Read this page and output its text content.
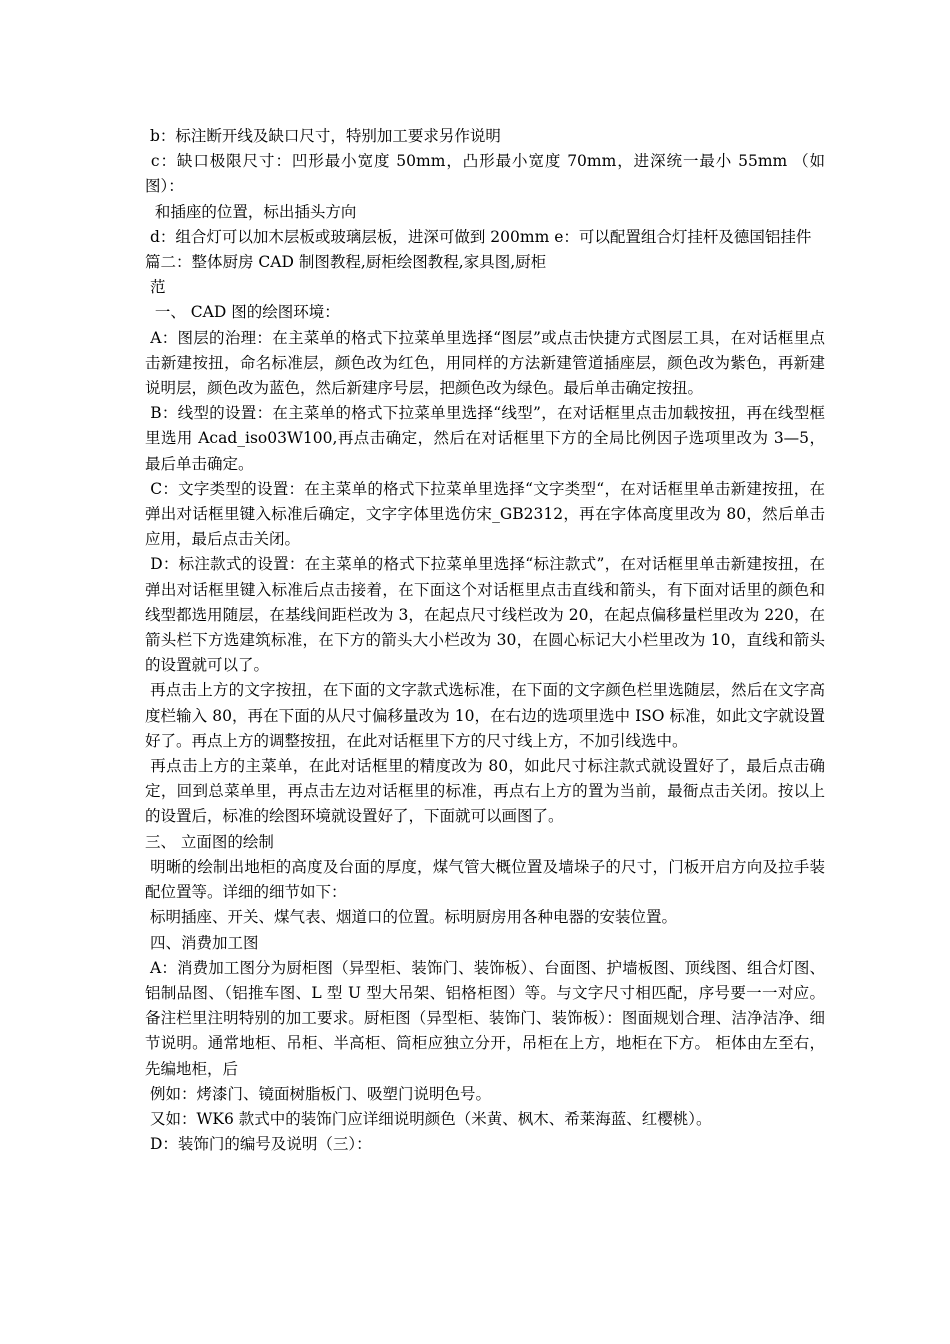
b：标注断开线及缺口尺寸，特别加工要求另作说明

c：缺口极限尺寸：凹形最小宽度 50mm，凸形最小宽度 70mm，进深统一最小 55mm （如图）：

和插座的位置，标出插头方向

d：组合灯可以加木层板或玻璃层板，进深可做到 200mm e：可以配置组合灯挂杆及德国铝挂件

篇二：整体厨房 CAD 制图教程,厨柜绘图教程,家具图,厨柜

范

一、 CAD 图的绘图环境：

A：图层的治理：在主菜单的格式下拉菜单里选择“图层”或点击快捷方式图层工具，在对话框里点击新建按扭，命名标准层，颜色改为红色，用同样的方法新建管道插座层，颜色改为紫色，再新建说明层，颜色改为蓝色，然后新建序号层，把颜色改为绿色。最后单击确定按扭。

B：线型的设置：在主菜单的格式下拉菜单里选择“线型”，在对话框里点击加载按扭，再在线型框里选用 Acad_iso03W100,再点击确定，然后在对话框里下方的全局比例因子选项里改为 3—5，最后单击确定。

C：文字类型的设置：在主菜单的格式下拉菜单里选择“文字类型“，在对话框里单击新建按扭，在弹出对话框里键入标准后确定，文字字体里选仿宋_GB2312，再在字体高度里改为 80，然后单击应用，最后点击关闭。

D：标注款式的设置：在主菜单的格式下拉菜单里选择“标注款式”，在对话框里单击新建按扭，在弹出对话框里键入标准后点击接着，在下面这个对话框里点击直线和箭头，有下面对话里的颜色和线型都选用随层，在基线间距栏改为 3，在起点尺寸线栏改为 20，在起点偏移量栏里改为 220，在箭头栏下方选建筑标准，在下方的箭头大小栏改为 30，在圆心标记大小栏里改为 10，直线和箭头的设置就可以了。

再点击上方的文字按扭，在下面的文字款式选标准，在下面的文字颜色栏里选随层，然后在文字高度栏输入 80，再在下面的从尺寸偏移量改为 10，在右边的选项里选中 ISO 标准，如此文字就设置好了。再点上方的调整按扭，在此对话框里下方的尺寸线上方，不加引线选中。

再点击上方的主菜单，在此对话框里的精度改为 80，如此尺寸标注款式就设置好了，最后点击确定，回到总菜单里，再点击左边对话框里的标准，再点右上方的置为当前，最衙点击关闭。按以上的设置后，标准的绘图环境就设置好了，下面就可以画图了。

三、 立面图的绘制

明晰的绘制出地柜的高度及台面的厚度，煤气管大概位置及墙垛子的尺寸，门板开启方向及拉手装配位置等。详细的细节如下：

标明插座、开关、煤气表、烟道口的位置。标明厨房用各种电器的安装位置。

四、消费加工图

A：消费加工图分为厨柜图（异型柜、装饰门、装饰板）、台面图、护墙板图、顶线图、组合灯图、铝制品图、（铝推车图、L 型 U 型大吊架、铝格柜图）等。与文字尺寸相匹配，序号要一一对应。备注栏里注明特别的加工要求。厨柜图（异型柜、装饰门、装饰板）：图面规划合理、洁净洁净、细节说明。通常地柜、吊柜、半高柜、筒柜应独立分开，吊柜在上方，地柜在下方。 柜体由左至右，先编地柜，后

例如：烤漆门、镜面树脂板门、吸塑门说明色号。

又如：WK6 款式中的装饰门应详细说明颜色（米黄、枫木、希莱海蓝、红樱桃）。

D：装饰门的编号及说明（三）：
